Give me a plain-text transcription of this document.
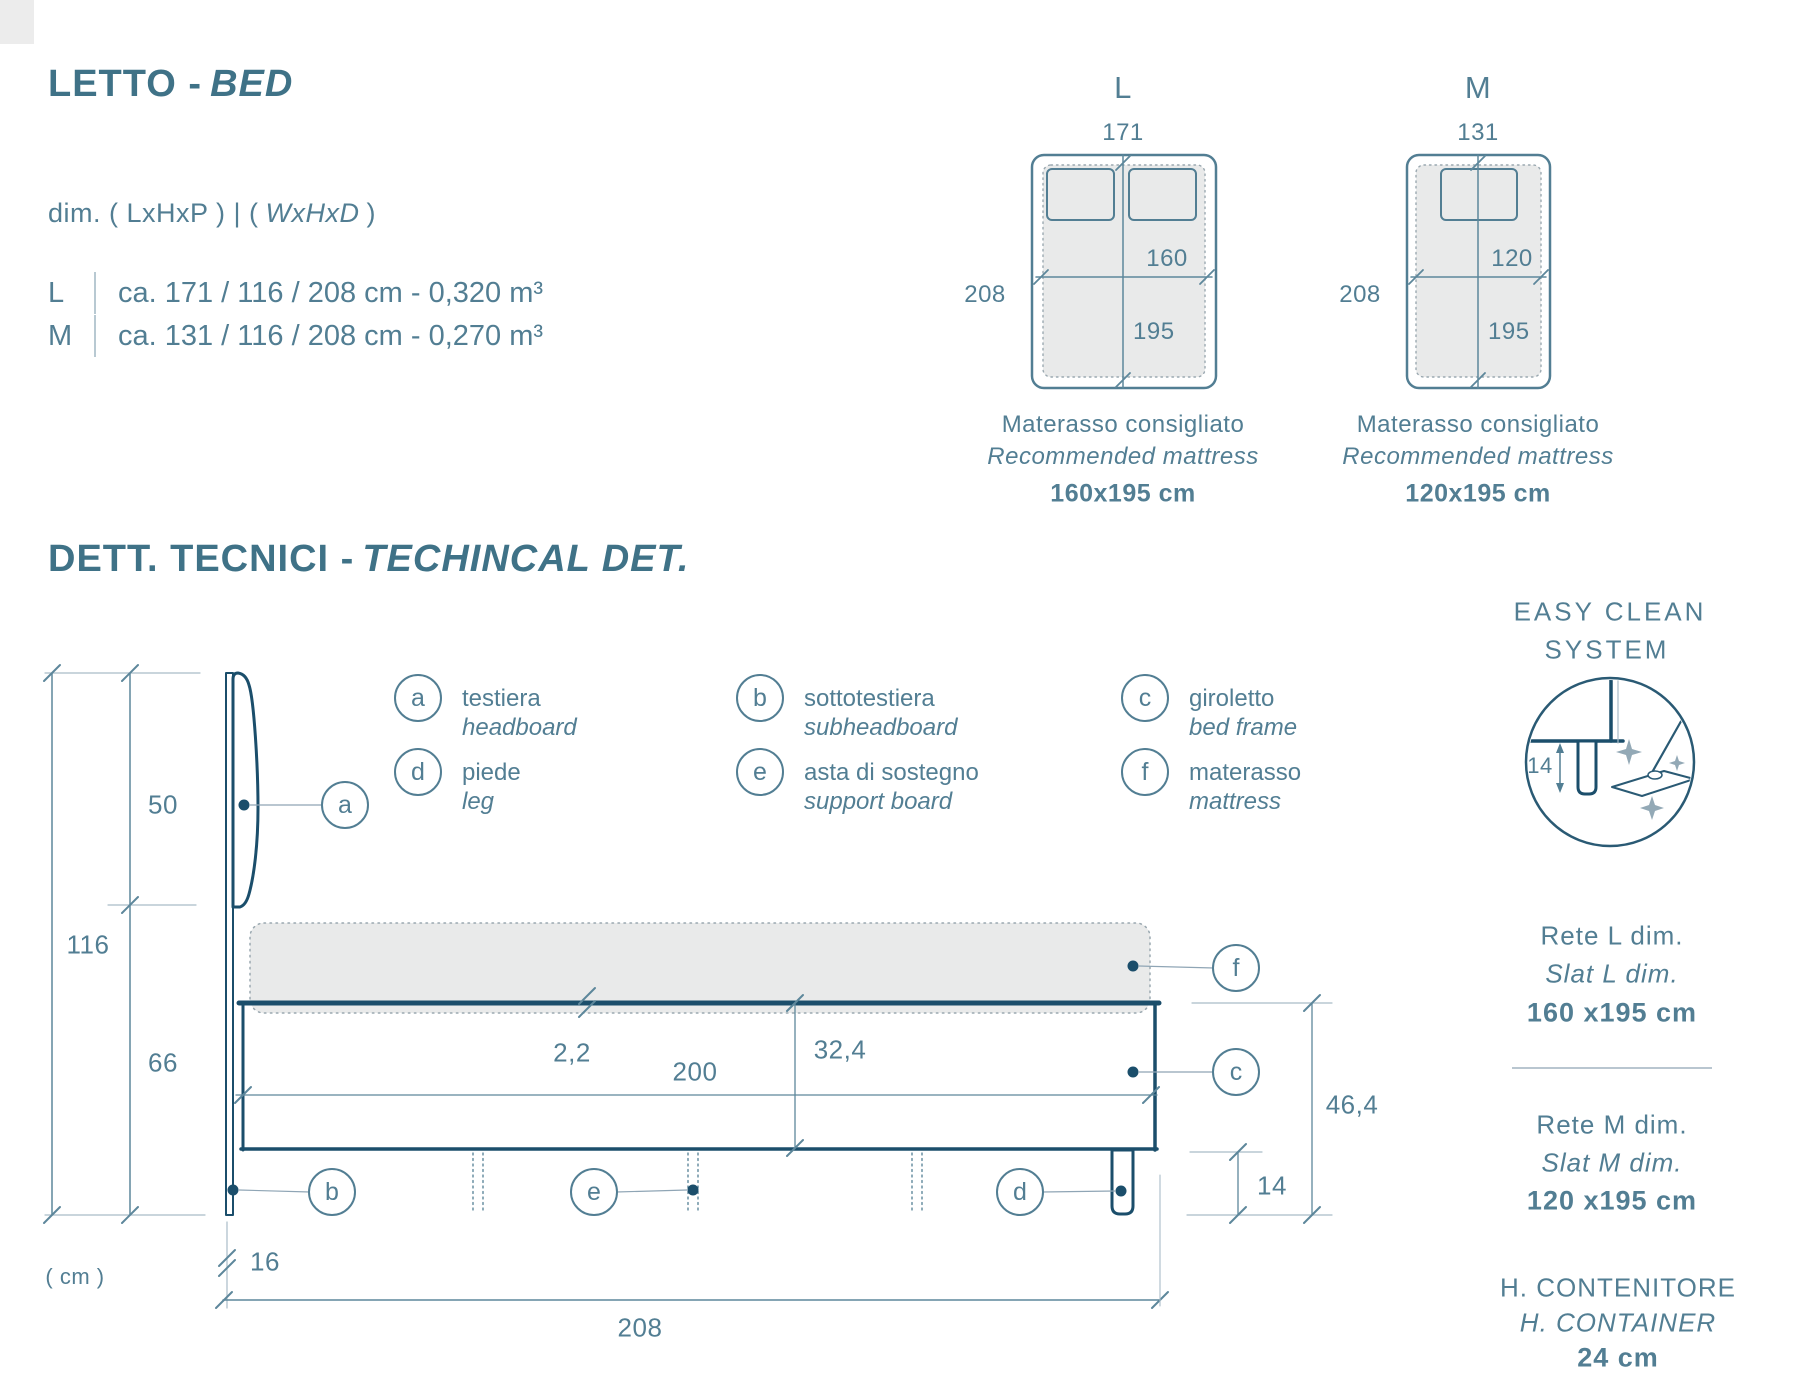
LETTO - BED
dim. ( LxHxP ) | ( WxHxD )
L	ca. 171 / 116 / 208 cm - 0,320 m³
M	ca. 131 / 116 / 208 cm - 0,270 m³
L
171
160
195
208
Materasso consigliato
Recommended mattress
160x195 cm
M
131
120
195
208
Materasso consigliato
Recommended mattress
120x195 cm
DETT. TECNICI - TECHINCAL DET.
a	testiera
headboard
b	sottotestiera
subheadboard
c	giroletto
bed frame
d	piede
leg
e	asta di sostegno
support board
f	materasso
mattress
a
b
c
d
e
f
50
116
66	2,2	32,4
200
( cm )	16
208
14
46,4
EASY CLEAN
SYSTEM
14
Rete L dim.
Slat L dim.
160 x195 cm
Rete M dim.
Slat M dim.
120 x195 cm
H. CONTENITORE
H. CONTAINER
24 cm
